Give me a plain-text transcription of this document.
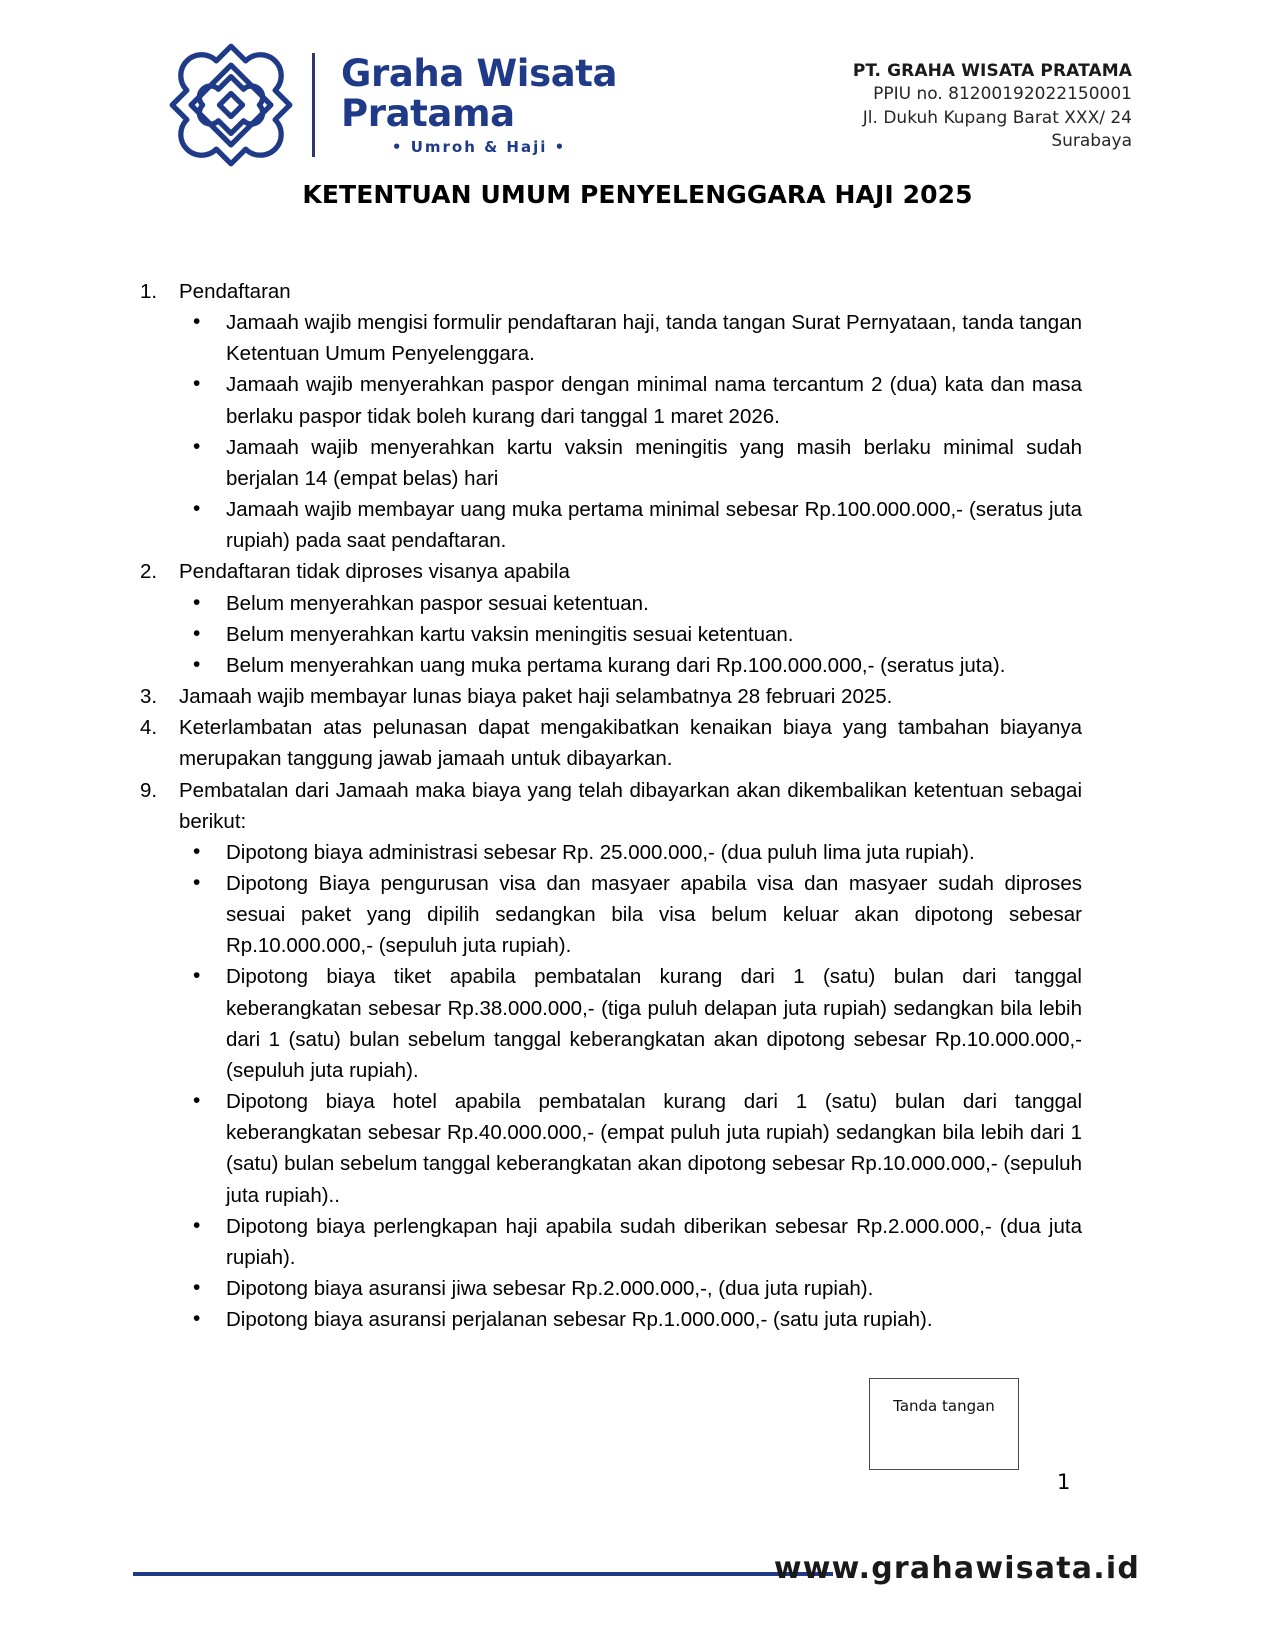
Graha Wisata
Pratama
• Umroh & Haji •
PT. GRAHA WISATA PRATAMA
PPIU no. 81200192022150001
Jl. Dukuh Kupang Barat XXX/ 24
Surabaya
KETENTUAN UMUM PENYELENGGARA HAJI 2025
1.	Pendaftaran
• Jamaah wajib mengisi formulir pendaftaran haji, tanda tangan Surat Pernyataan, tanda tangan Ketentuan Umum Penyelenggara.
• Jamaah wajib menyerahkan paspor dengan minimal nama tercantum 2 (dua) kata dan masa berlaku paspor tidak boleh kurang dari tanggal 1 maret 2026.
• Jamaah wajib menyerahkan kartu vaksin meningitis yang masih berlaku minimal sudah berjalan 14 (empat belas) hari
• Jamaah wajib membayar uang muka pertama minimal sebesar Rp.100.000.000,- (seratus juta rupiah) pada saat pendaftaran.
2.	Pendaftaran tidak diproses visanya apabila
• Belum menyerahkan paspor sesuai ketentuan.
• Belum menyerahkan kartu vaksin meningitis sesuai ketentuan.
• Belum menyerahkan uang muka pertama kurang dari Rp.100.000.000,- (seratus juta).
3.	Jamaah wajib membayar lunas biaya paket haji selambatnya 28 februari 2025.
4.	Keterlambatan atas pelunasan dapat mengakibatkan kenaikan biaya yang tambahan biayanya merupakan tanggung jawab jamaah untuk dibayarkan.
9.	Pembatalan dari Jamaah maka biaya yang telah dibayarkan akan dikembalikan ketentuan sebagai berikut:
• Dipotong biaya administrasi sebesar Rp. 25.000.000,- (dua puluh lima juta rupiah).
• Dipotong Biaya pengurusan visa dan masyaer apabila visa dan masyaer sudah diproses sesuai paket yang dipilih sedangkan bila visa belum keluar akan dipotong sebesar Rp.10.000.000,- (sepuluh juta rupiah).
• Dipotong biaya tiket apabila pembatalan kurang dari 1 (satu) bulan dari tanggal keberangkatan sebesar Rp.38.000.000,- (tiga puluh delapan juta rupiah) sedangkan bila lebih dari 1 (satu) bulan sebelum tanggal keberangkatan akan dipotong sebesar Rp.10.000.000,- (sepuluh juta rupiah).
• Dipotong biaya hotel apabila pembatalan kurang dari 1 (satu) bulan dari tanggal keberangkatan sebesar Rp.40.000.000,- (empat puluh juta rupiah) sedangkan bila lebih dari 1 (satu) bulan sebelum tanggal keberangkatan akan dipotong sebesar Rp.10.000.000,- (sepuluh juta rupiah)..
• Dipotong biaya perlengkapan haji apabila sudah diberikan sebesar Rp.2.000.000,- (dua juta rupiah).
• Dipotong biaya asuransi jiwa sebesar Rp.2.000.000,-, (dua juta rupiah).
• Dipotong biaya asuransi perjalanan sebesar Rp.1.000.000,- (satu juta rupiah).
Tanda tangan
1
www.grahawisata.id
